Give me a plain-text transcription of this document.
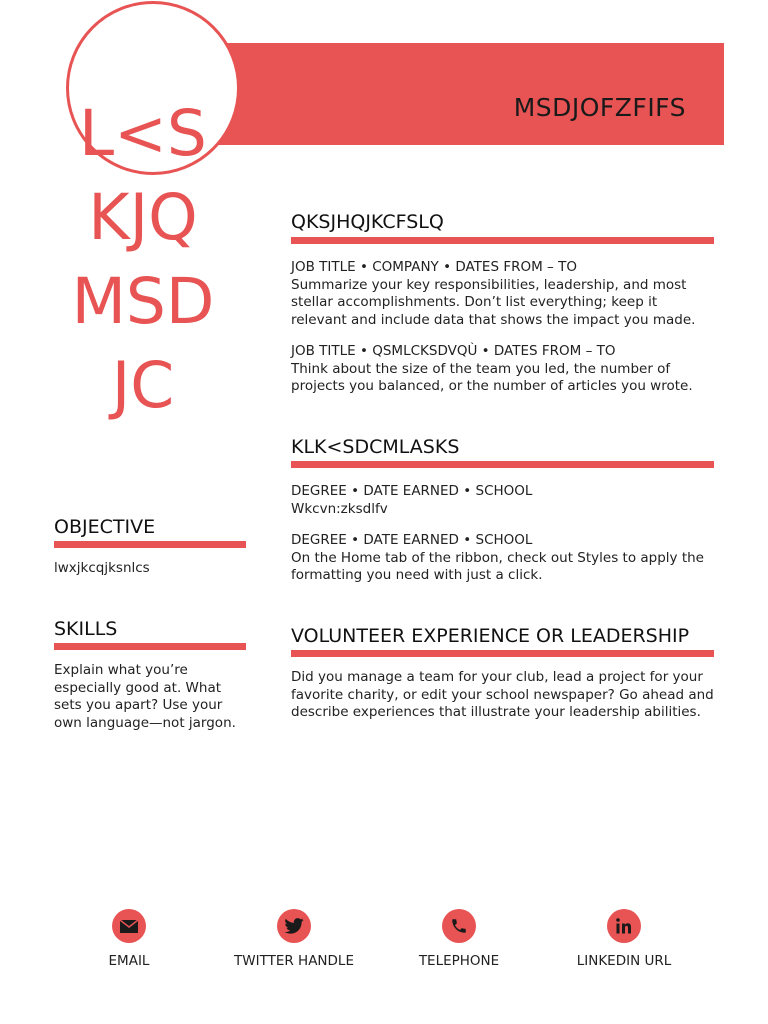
MSDJOFZFIFS
L<S
KJQ
MSD
JC
QKSJHQJKCFSLQ
JOB TITLE • COMPANY • DATES FROM – TO
Summarize your key responsibilities, leadership, and most stellar accomplishments. Don’t list everything; keep it relevant and include data that shows the impact you made.
JOB TITLE • QSMLCKSDVQÙ • DATES FROM – TO
Think about the size of the team you led, the number of projects you balanced, or the number of articles you wrote.
KLK<SDCMLASKS
DEGREE • DATE EARNED • SCHOOL
Wkcvn:zksdlfv
DEGREE • DATE EARNED • SCHOOL
On the Home tab of the ribbon, check out Styles to apply the formatting you need with just a click.
VOLUNTEER EXPERIENCE OR LEADERSHIP
Did you manage a team for your club, lead a project for your favorite charity, or edit your school newspaper? Go ahead and describe experiences that illustrate your leadership abilities.
OBJECTIVE
lwxjkcqjksnlcs
SKILLS
Explain what you’re especially good at. What sets you apart? Use your own language—not jargon.
EMAIL	TWITTER HANDLE	TELEPHONE	LINKEDIN URL
